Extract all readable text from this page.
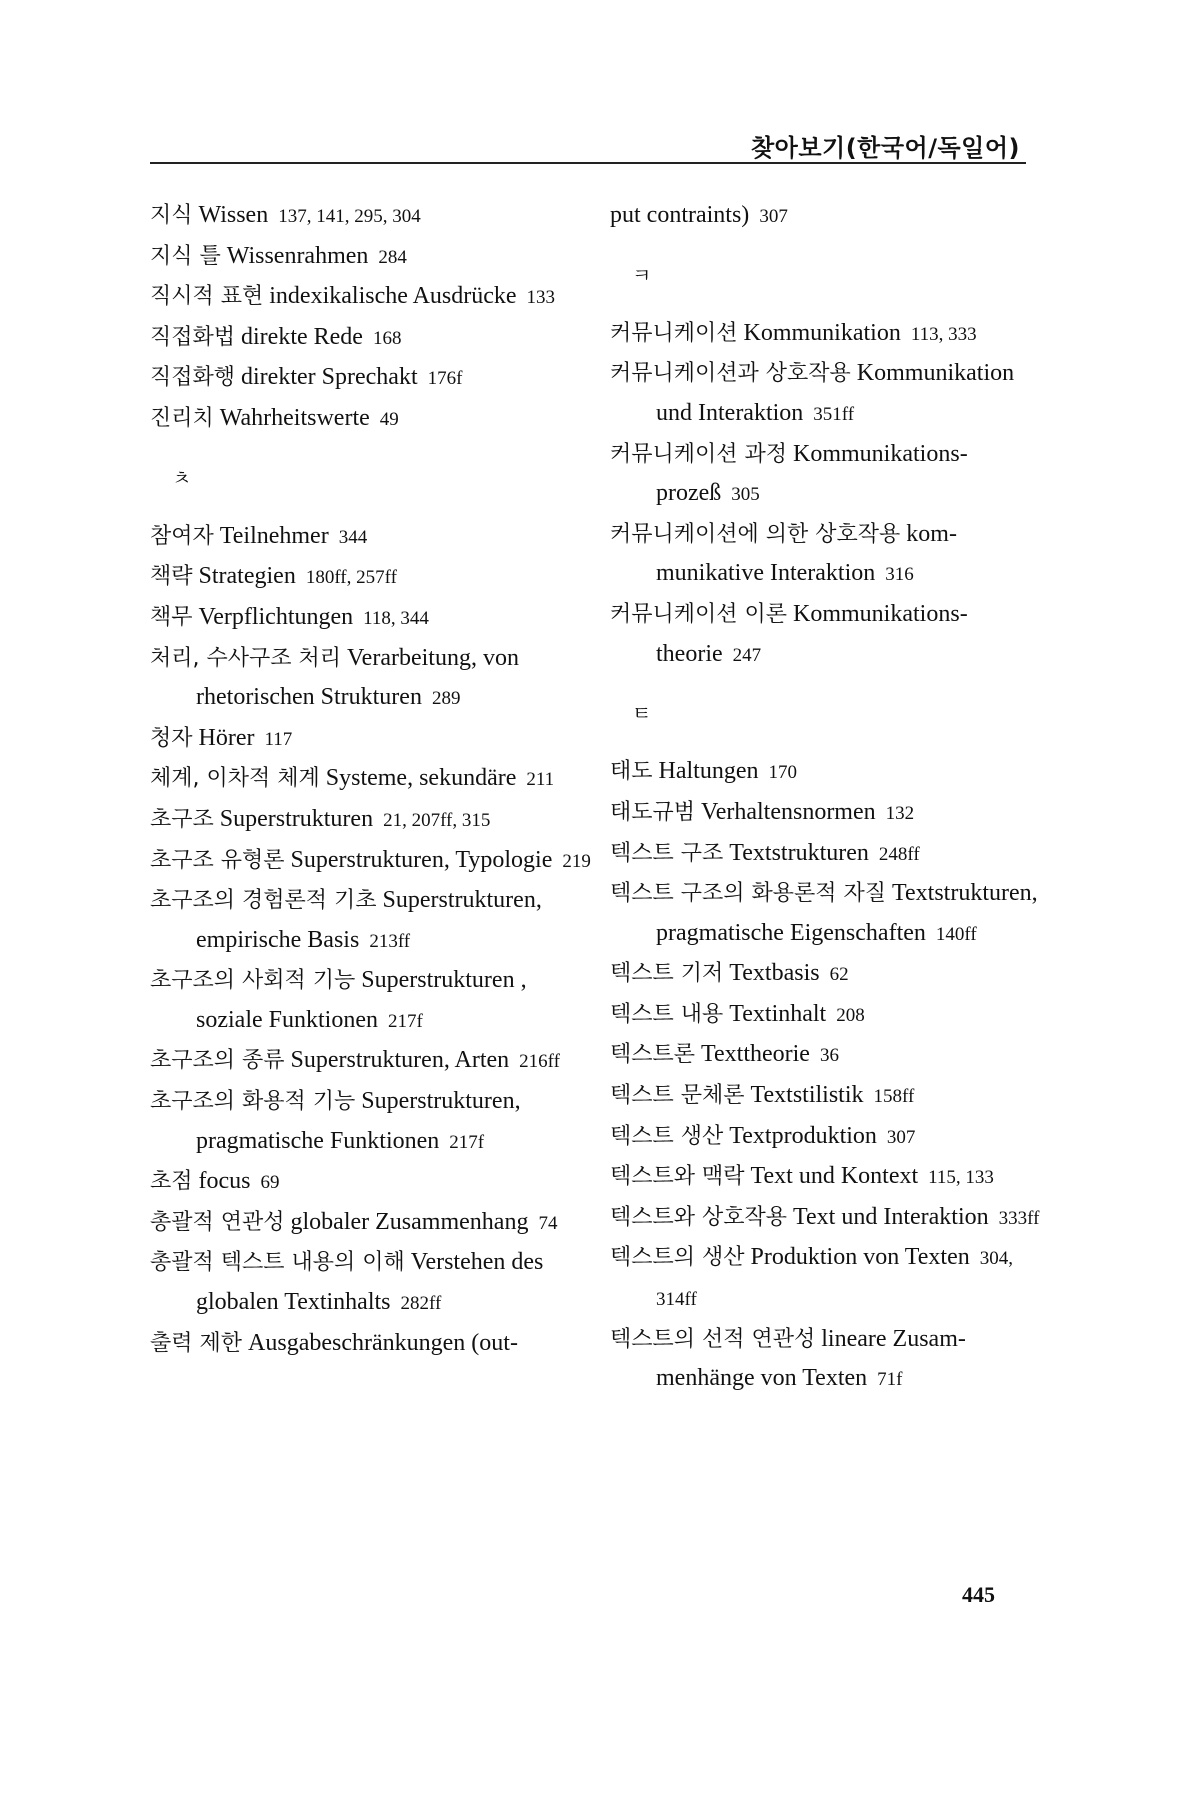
찾아보기(한국어/독일어)
지식 Wissen 137, 141, 295, 304
지식 틀 Wissenrahmen 284
직시적 표현 indexikalische Ausdrücke 133
직접화법 direkte Rede 168
직접화행 direkter Sprechakt 176f
진리치 Wahrheitswerte 49
ㅊ
참여자 Teilnehmer 344
책략 Strategien 180ff, 257ff
책무 Verpflichtungen 118, 344
처리, 수사구조 처리 Verarbeitung, von rhetorischen Strukturen 289
청자 Hörer 117
체계, 이차적 체계 Systeme, sekundäre 211
초구조 Superstrukturen 21, 207ff, 315
초구조 유형론 Superstrukturen, Typologie 219
초구조의 경험론적 기초 Superstrukturen, empirische Basis 213ff
초구조의 사회적 기능 Superstrukturen , soziale Funktionen 217f
초구조의 종류 Superstrukturen, Arten 216ff
초구조의 화용적 기능 Superstrukturen, pragmatische Funktionen 217f
초점 focus 69
총괄적 연관성 globaler Zusammenhang 74
총괄적 텍스트 내용의 이해 Verstehen des globalen Textinhalts 282ff
출력 제한 Ausgabeschränkungen (out-
put contraints) 307
ㅋ
커뮤니케이션 Kommunikation 113, 333
커뮤니케이션과 상호작용 Kommunikation und Interaktion 351ff
커뮤니케이션 과정 Kommunikationsprozeß 305
커뮤니케이션에 의한 상호작용 kommunikative Interaktion 316
커뮤니케이션 이론 Kommunikationstheorie 247
ㅌ
태도 Haltungen 170
태도규범 Verhaltensnormen 132
텍스트 구조 Textstrukturen 248ff
텍스트 구조의 화용론적 자질 Textstrukturen, pragmatische Eigenschaften 140ff
텍스트 기저 Textbasis 62
텍스트 내용 Textinhalt 208
텍스트론 Texttheorie 36
텍스트 문체론 Textstilistik 158ff
텍스트 생산 Textproduktion 307
텍스트와 맥락 Text und Kontext 115, 133
텍스트와 상호작용 Text und Interaktion 333ff
텍스트의 생산 Produktion von Texten 304, 314ff
텍스트의 선적 연관성 lineare Zusammenhänge von Texten 71f
445
